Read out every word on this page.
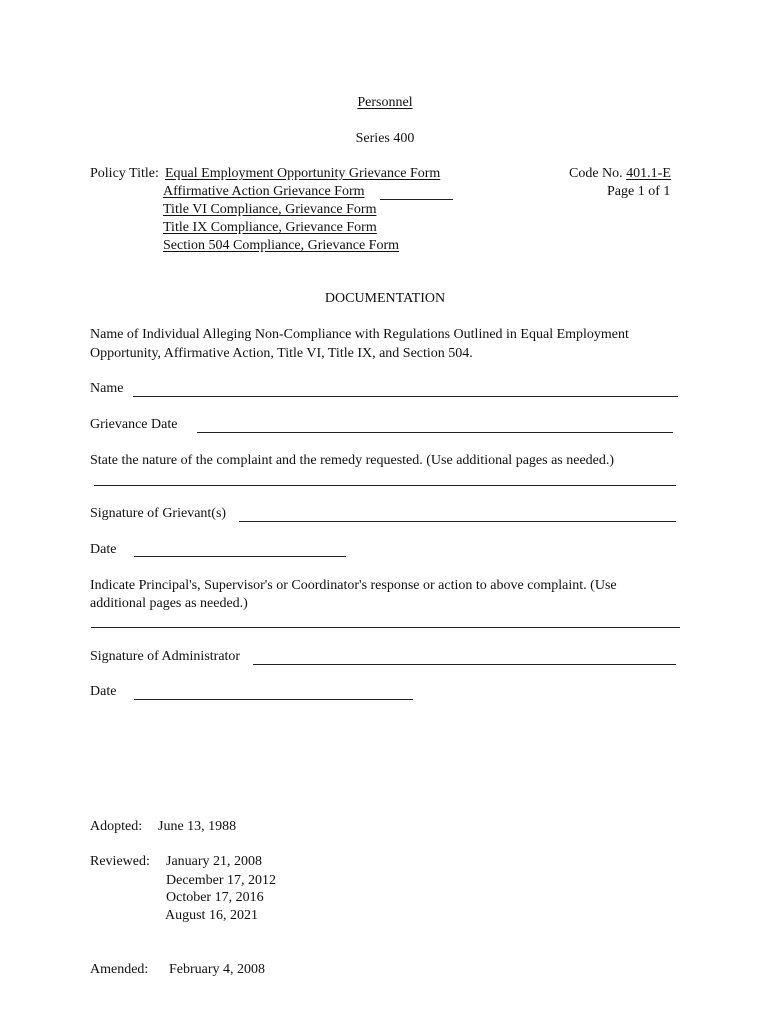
Personnel
Series 400
Policy Title: Equal Employment Opportunity Grievance Form
Affirmative Action Grievance Form
Title VI Compliance, Grievance Form
Title IX Compliance, Grievance Form
Section 504 Compliance, Grievance Form
Code No. 401.1-E
Page 1 of 1
DOCUMENTATION
Name of Individual Alleging Non-Compliance with Regulations Outlined in Equal Employment
Opportunity, Affirmative Action, Title VI, Title IX, and Section 504.
Name
Grievance Date
State the nature of the complaint and the remedy requested. (Use additional pages as needed.)
Signature of Grievant(s)
Date
Indicate Principal's, Supervisor's or Coordinator's response or action to above complaint. (Use
additional pages as needed.)
Signature of Administrator
Date
Adopted: June 13, 1988
Reviewed: January 21, 2008
December 17, 2012
October 17, 2016
August 16, 2021
Amended: February 4, 2008
